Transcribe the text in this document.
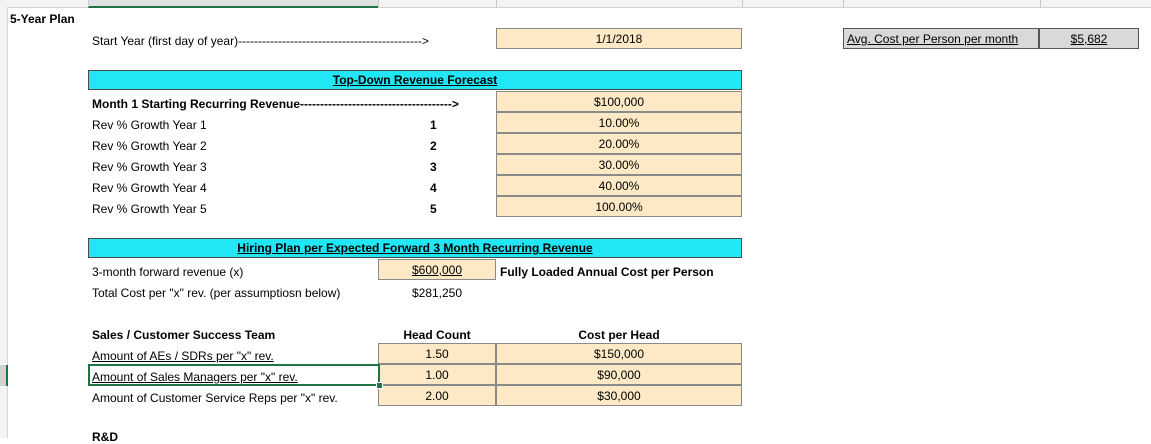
5-Year Plan
Start Year (first day of year)---------------------------------------------->	1/1/2018	Avg. Cost per Person per month	$5,682
Top-Down Revenue Forecast
Month 1 Starting Recurring Revenue-------------------------------------->	$100,000
Rev % Growth Year 1	1	10.00%
Rev % Growth Year 2	2	20.00%
Rev % Growth Year 3	3	30.00%
Rev % Growth Year 4	4	40.00%
Rev % Growth Year 5	5	100.00%
Hiring Plan per Expected Forward 3 Month Recurring Revenue
3-month forward revenue (x)	$600,000	Fully Loaded Annual Cost per Person
Total Cost per "x" rev. (per assumptiosn below)	$281,250
Sales / Customer Success Team	Head Count	Cost per Head
Amount of AEs / SDRs per "x" rev.	1.50	$150,000
Amount of Sales Managers per "x" rev.	1.00	$90,000
Amount of Customer Service Reps per "x" rev.	2.00	$30,000
R&D
